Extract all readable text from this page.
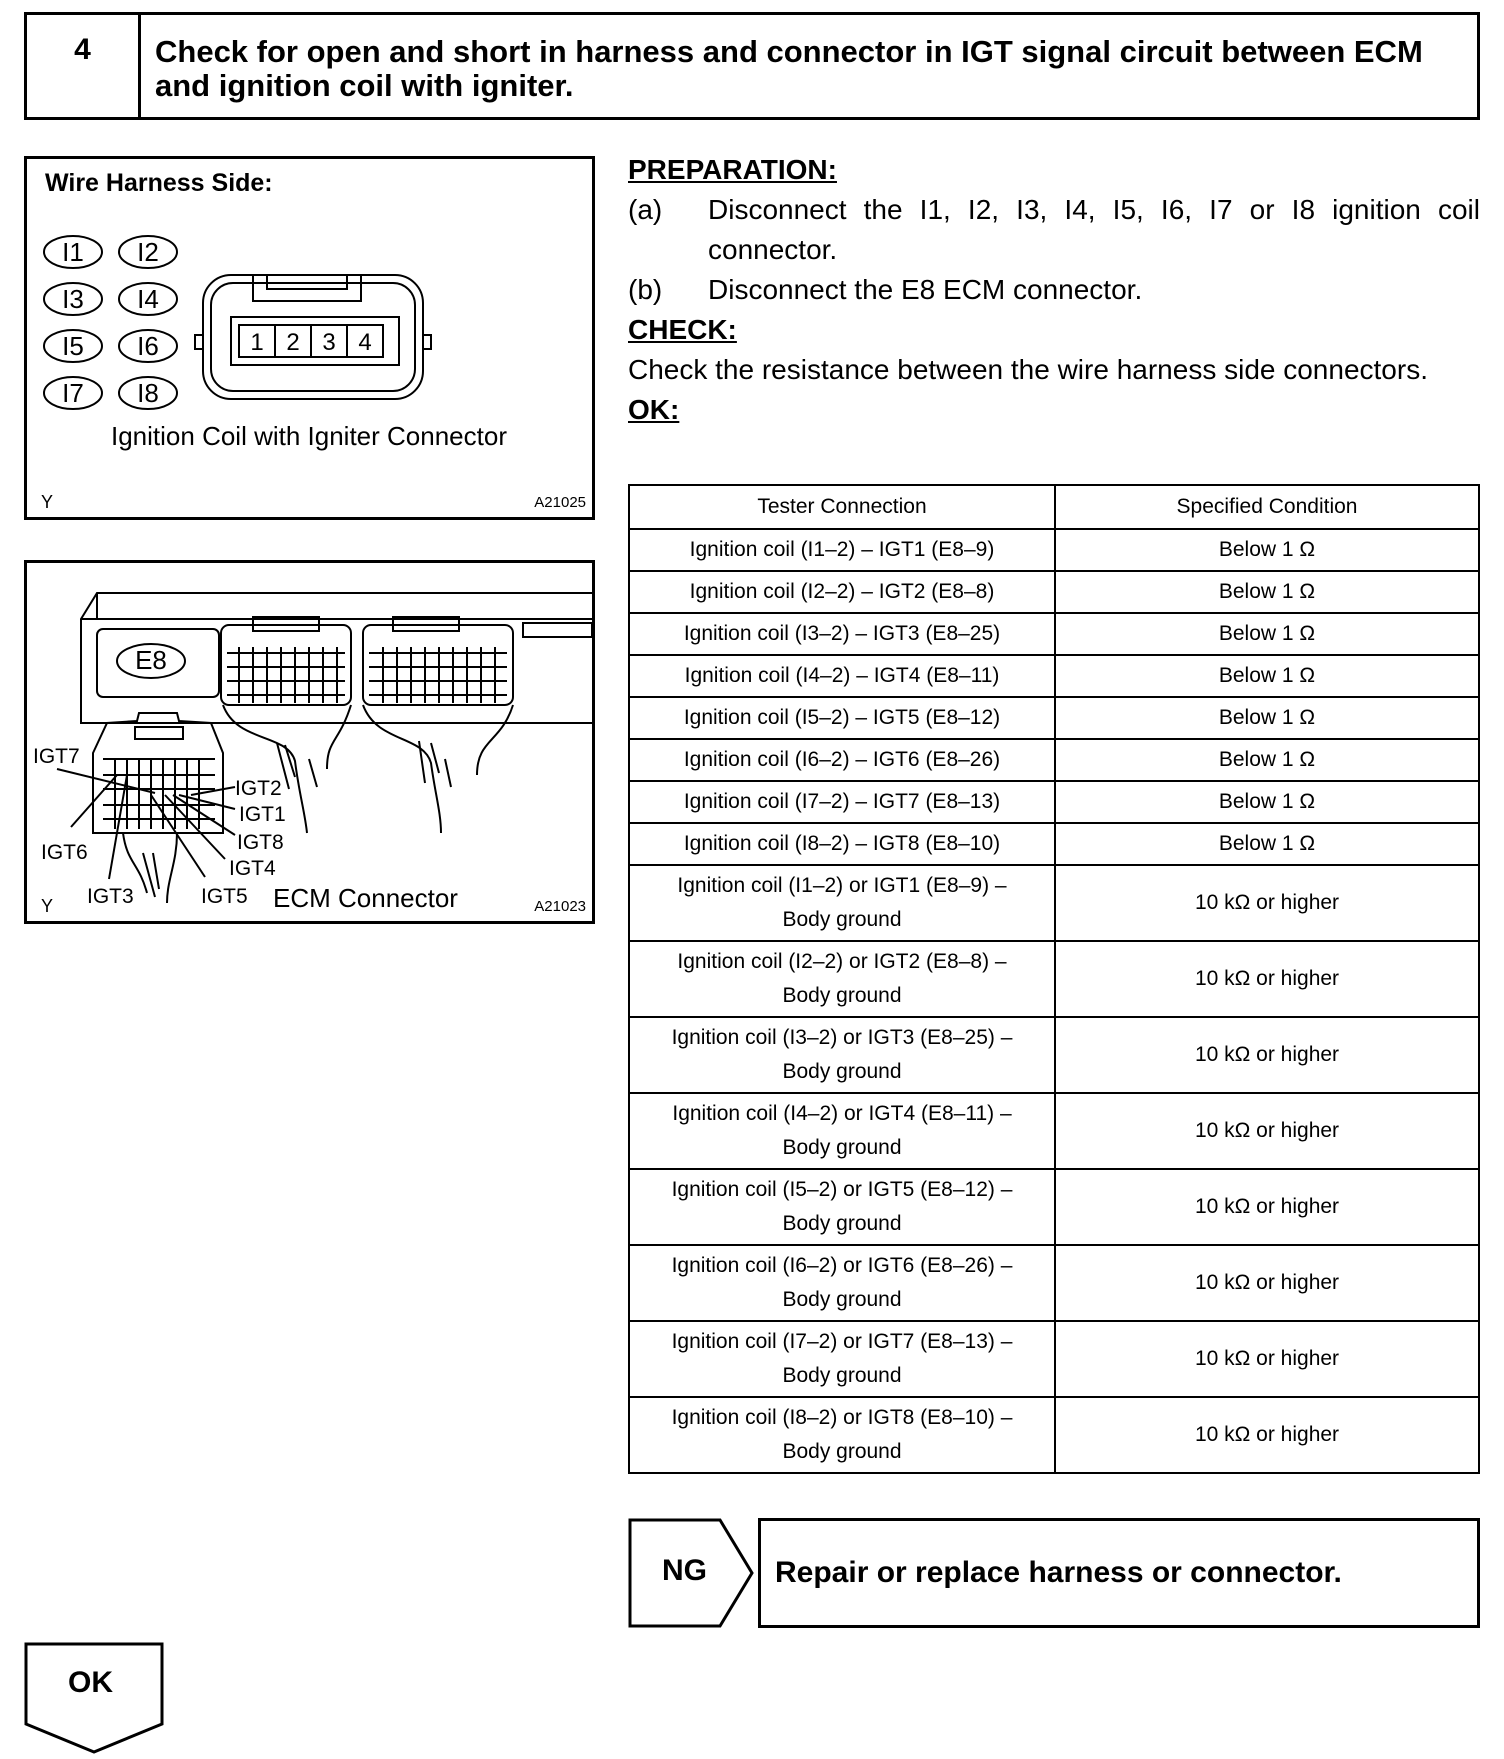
4	Check for open and short in harness and connector in IGT signal circuit between ECM and ignition coil with igniter.
Wire Harness Side:
I1 I2
I3 I4
I5 I6
I7 I8
1 2 3 4
Ignition Coil with Igniter Connector
Y	A21025
E8
IGT7
IGT2
IGT1
IGT8
IGT4
IGT6
IGT3	IGT5 ECM Connector
Y	A21023
PREPARATION:
(a)	Disconnect the I1, I2, I3, I4, I5, I6, I7 or I8 ignition coil connector.
(b)	Disconnect the E8 ECM connector.
CHECK:
Check the resistance between the wire harness side connectors.
OK:
Tester Connection	Specified Condition
Ignition coil (I1–2) – IGT1 (E8–9)	Below 1 Ω
Ignition coil (I2–2) – IGT2 (E8–8)	Below 1 Ω
Ignition coil (I3–2) – IGT3 (E8–25)	Below 1 Ω
Ignition coil (I4–2) – IGT4 (E8–11)	Below 1 Ω
Ignition coil (I5–2) – IGT5 (E8–12)	Below 1 Ω
Ignition coil (I6–2) – IGT6 (E8–26)	Below 1 Ω
Ignition coil (I7–2) – IGT7 (E8–13)	Below 1 Ω
Ignition coil (I8–2) – IGT8 (E8–10)	Below 1 Ω

Ignition coil (I1–2) or IGT1 (E8–9) –
Body ground	10 kΩ or higher

Ignition coil (I2–2) or IGT2 (E8–8) –
Body ground	10 kΩ or higher

Ignition coil (I3–2) or IGT3 (E8–25) –
Body ground	10 kΩ or higher

Ignition coil (I4–2) or IGT4 (E8–11) –
Body ground	10 kΩ or higher

Ignition coil (I5–2) or IGT5 (E8–12) –
Body ground	10 kΩ or higher

Ignition coil (I6–2) or IGT6 (E8–26) –
Body ground	10 kΩ or higher

Ignition coil (I7–2) or IGT7 (E8–13) –
Body ground	10 kΩ or higher

Ignition coil (I8–2) or IGT8 (E8–10) –
Body ground	10 kΩ or higher
NG	Repair or replace harness or connector.
OK
